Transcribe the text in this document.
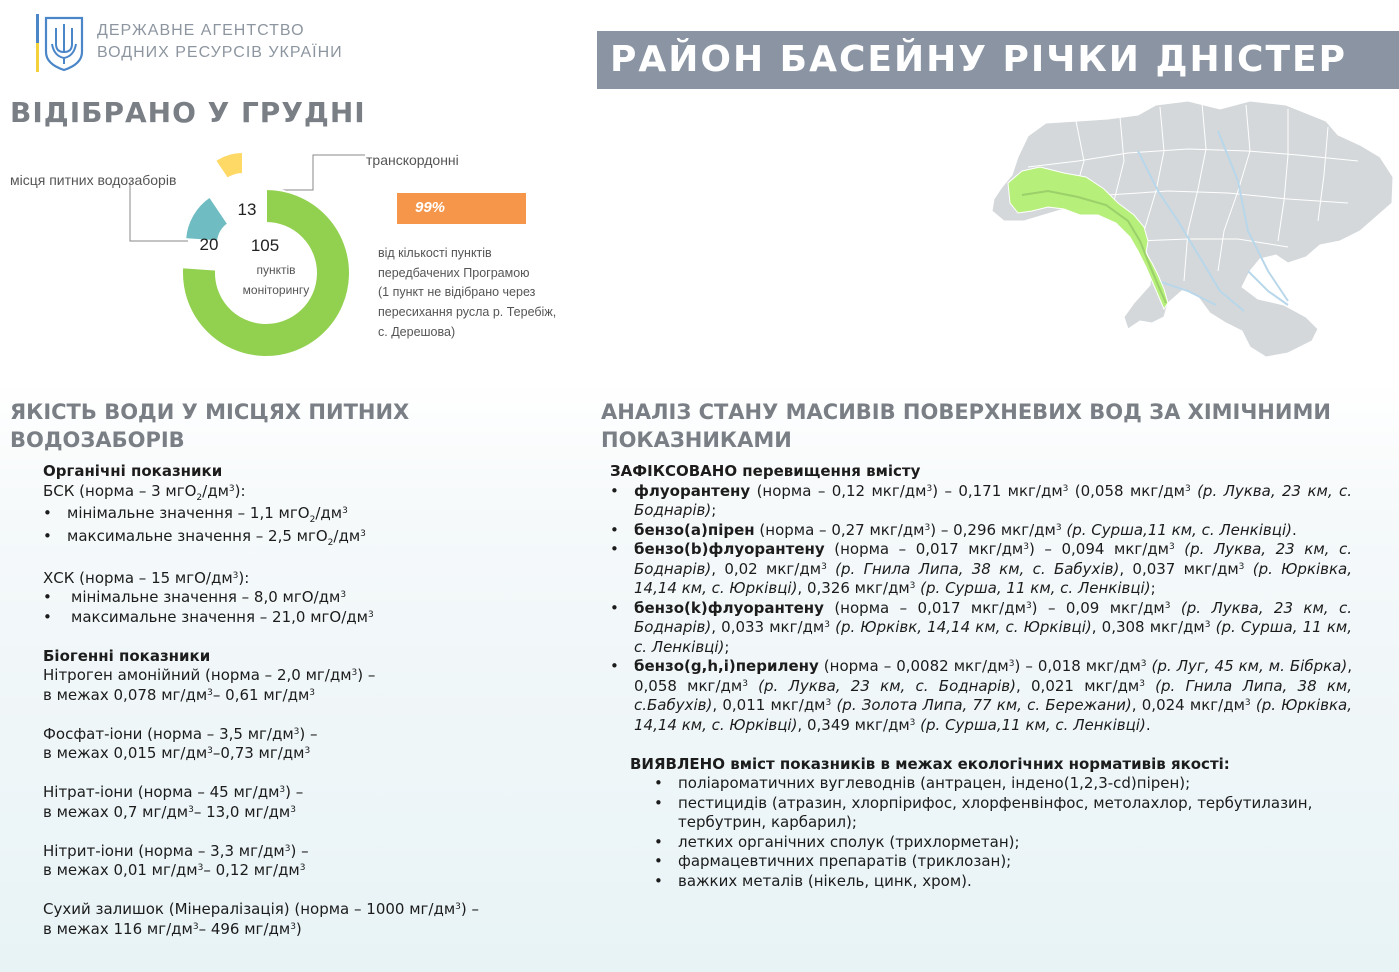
ДЕРЖАВНЕ АГЕНТСТВО
ВОДНИХ РЕСУРСІВ УКРАЇНИ	РАЙОН БАСЕЙНУ РІЧКИ ДНІСТЕР
ВІДІБРАНО У ГРУДНІ
105
пунктів
моніторингу
20
13
місця питних водозаборів
транскордонні
99%
від кількості пунктів
передбачених Програмою
(1 пункт не відібрано через
пересихання русла р. Теребіж,
с. Дерешова)
ЯКІСТЬ ВОДИ У МІСЦЯХ ПИТНИХ ВОДОЗАБОРІВ
АНАЛІЗ СТАНУ МАСИВІВ ПОВЕРХНЕВИХ ВОД ЗА ХІМІЧНИМИ ПОКАЗНИКАМИ
Органічні показники
БСК (норма – 3 $мгО_2/дм^3$):
• мінімальне значення – 1,1 $мгО_2/дм^3$
• максимальне значення – 2,5 $мгО_2/дм^3$
ХСК (норма – 15 мгО/$дм^3$):
• мінімальне значення – 8,0 мгО/$дм^3$
• максимальне значення – 21,0 мгО/$дм^3$
Біогенні показники
Нітроген амонійний (норма – 2,0 $мг/дм^3$) –
в межах 0,078 $мг/дм^3-$ 0,61 $мг/дм^3$
Фосфат-іони (норма – 3,5 $мг/дм^3$) –
в межах 0,015 $мг/дм^3-0,73$ $мг/дм^3$
Нітрат-іони (норма – 45 $мг/дм^3$) –
в межах 0,7 $мг/дм^3-$ 13,0 $мг/дм^3$
Нітрит-іони (норма – 3,3 $мг/дм^3$) –
в межах 0,01 $мг/дм^3-$ 0,12 $мг/дм^3$
Сухий залишок (Мінералізація) (норма – 1000 $мг/дм^3$) –
в межах 116 $мг/дм^3-$ 496 $мг/дм^3$)
ЗАФІКСОВАНО перевищення вмісту
• флуорантену (норма – 0,12 мкг/$дм^3) - 0,171$ мкг/$дм^3$ (0,058 мкг/$дм^3$ (р. Луква, 23 км, с. Боднарів);
• бензо(а)пірен (норма – 0,27 мкг/$дм^3) - 0,296$ мкг/$дм^3$ (р. Сурша,11 км, с. Ленківці).
• бензо(b)флуорантену (норма – 0,017 мкг/$дм^3) - 0,094$ мкг/$дм^3$ (р. Луква, 23 км, с. Боднарів), 0,02 мкг/$дм^3$ (р. Гнила Липа, 38 км, с. Бабухів), 0,037 мкг/$дм^3$ (р. Юрківка, 14,14 км, с. Юрківці), 0,326 мкг/$дм^3$ (р. Сурша, 11 км, с. Ленківці);
• бензо(k)флуорантену (норма – 0,017 мкг/$дм^3) - 0,09$ мкг/$дм^3$ (р. Луква, 23 км, с. Боднарів), 0,033 мкг/$дм^3$ (р. Юрківк, 14,14 км, с. Юрківці), 0,308 мкг/$дм^3$ (р. Сурша, 11 км, с. Ленківці);
• бензо(g,h,i)перилену (норма – 0,0082 мкг/$дм^3) - 0,018$ мкг/$дм^3$ (р. Луг, 45 км, м. Бібрка), 0,058 мкг/$дм^3$ (р. Луква, 23 км, с. Боднарів), 0,021 мкг/$дм^3$ (р. Гнила Липа, 38 км, с.Бабухів), 0,011 мкг/$дм^3$ (р. Золота Липа, 77 км, с. Бережани), 0,024 мкг/$дм^3$ (р. Юрківка, 14,14 км, с. Юрківці), 0,349 мкг/$дм^3$ (р. Сурша,11 км, с. Ленківці).
ВИЯВЛЕНО вміст показників в межах екологічних нормативів якості:
• поліароматичних вуглеводнів (антрацен, індено(1,2,3-cd)пірен);
• пестицидів (атразин, хлорпірифос, хлорфенвінфос, метолахлор, тербутилазин, тербутрин, карбарил);
• летких органічних сполук (трихлорметан);
• фармацевтичних препаратів (триклозан);
• важких металів (нікель, цинк, хром).
